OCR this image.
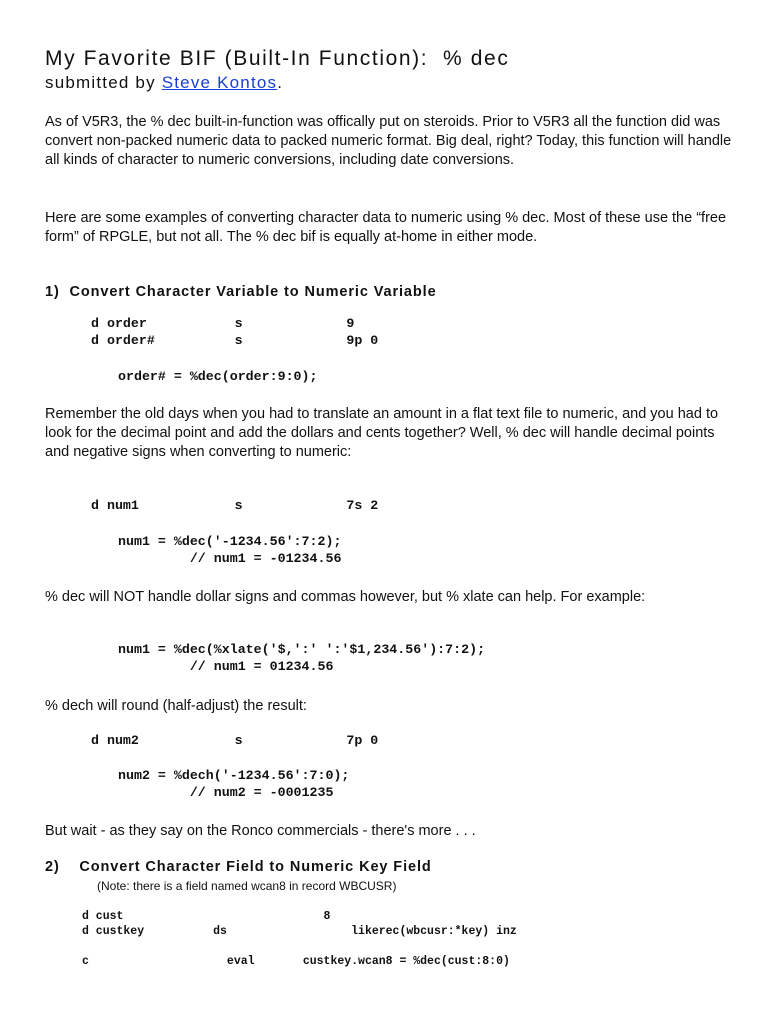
My Favorite BIF (Built-In Function):  % dec
submitted by Steve Kontos.

As of V5R3, the % dec built-in-function was offically put on steroids. Prior to V5R3 all the function did was convert non-packed numeric data to packed numeric format. Big deal, right? Today, this function will handle all kinds of character to numeric conversions, including date conversions.

Here are some examples of converting character data to numeric using % dec. Most of these use the “free form” of RPGLE, but not all. The % dec bif is equally at-home in either mode.

1)  Convert Character Variable to Numeric Variable
d order           s             9
d order#          s             9p 0
order# = %dec(order:9:0);

Remember the old days when you had to translate an amount in a flat text file to numeric, and you had to look for the decimal point and add the dollars and cents together? Well, % dec will handle decimal points and negative signs when converting to numeric:

d num1            s             7s 2
num1 = %dec('-1234.56':7:2);
// num1 = -01234.56

% dec will NOT handle dollar signs and commas however, but % xlate can help. For example:

num1 = %dec(%xlate('$,':' ':'$1,234.56'):7:2);
// num1 = 01234.56

% dech will round (half-adjust) the result:

d num2            s             7p 0
num2 = %dech('-1234.56':7:0);
// num2 = -0001235

But wait - as they say on the Ronco commercials - there's more . . .

2)    Convert Character Field to Numeric Key Field
(Note: there is a field named wcan8 in record WBCUSR)
d cust                             8
d custkey          ds                  likerec(wbcusr:*key) inz
c                    eval       custkey.wcan8 = %dec(cust:8:0)
